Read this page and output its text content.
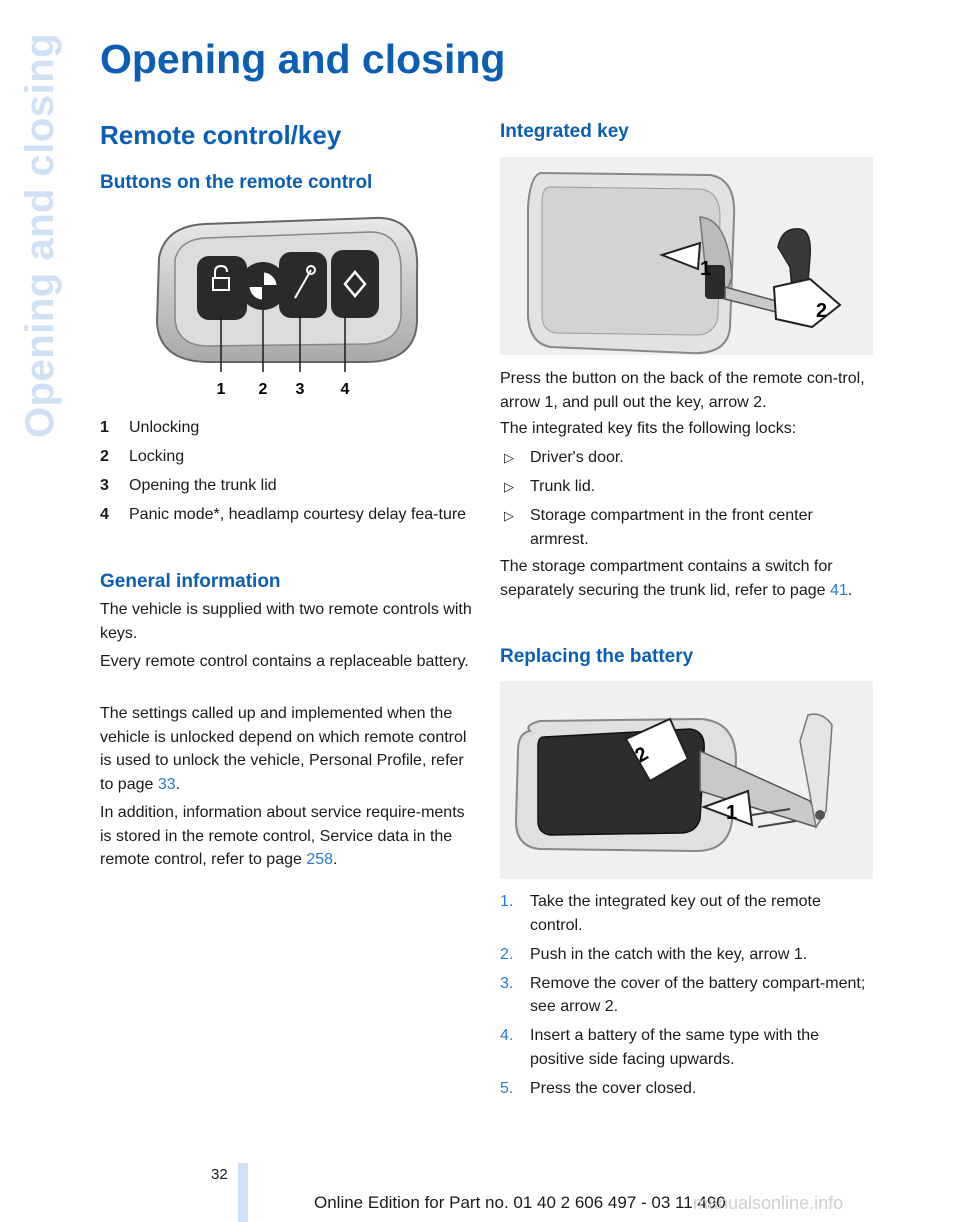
Opening and closing Opening and closing
Remote control/key
Buttons on the remote control
1 2 3 4
1 Unlocking
2 Locking
3 Opening the trunk lid
4 Panic mode*, headlamp courtesy delay fea-ture
General information

The vehicle is supplied with two remote controls with keys.

Every remote control contains a replaceable battery.

The settings called up and implemented when the vehicle is unlocked depend on which remote control is used to unlock the vehicle, Personal Profile, refer to page 33.

In addition, information about service require-ments is stored in the remote control, Service data in the remote control, refer to page 258.

Integrated key
1
2

Press the button on the back of the remote con-trol, arrow 1, and pull out the key, arrow 2.

The integrated key fits the following locks:

▷ Driver's door.
▷ Trunk lid.
▷ Storage compartment in the front center armrest.

The storage compartment contains a switch for separately securing the trunk lid, refer to page 41.

Replacing the battery
2
1
1. Take the integrated key out of the remote control.
2. Push in the catch with the key, arrow 1.
3. Remove the cover of the battery compart-ment; see arrow 2.
4. Insert a battery of the same type with the positive side facing upwards.
5. Press the cover closed.
32
Online Edition for Part no. 01 40 2 606 497 - 03 11 490
manualsonline.info
